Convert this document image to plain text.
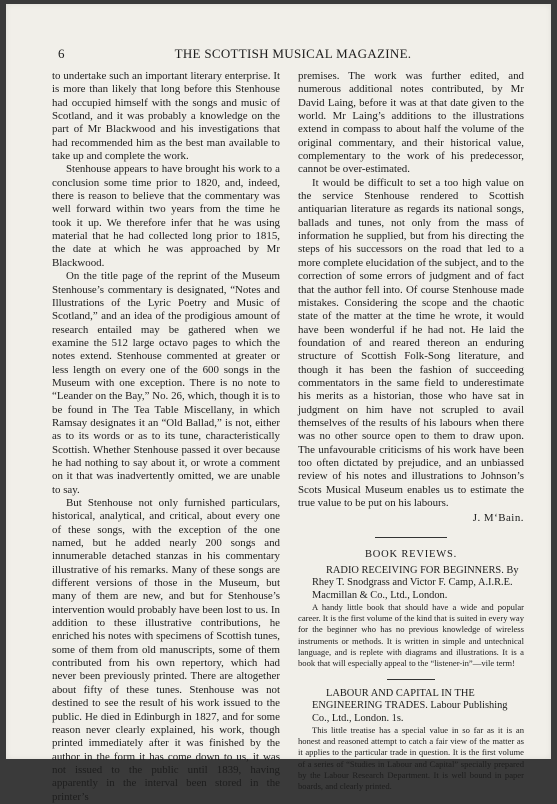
6	THE SCOTTISH MUSICAL MAGAZINE.

to undertake such an important literary enterprise. It is more than likely that long before this Stenhouse had occupied himself with the songs and music of Scotland, and it was probably a knowledge on the part of Mr Blackwood and his investigations that had recommended him as the best man available to take up and complete the work.

Stenhouse appears to have brought his work to a conclusion some time prior to 1820, and, indeed, there is reason to believe that the commentary was well forward within two years from the time he took it up. We therefore infer that he was using material that he had collected long prior to 1815, the date at which he was approached by Mr Blackwood.

On the title page of the reprint of the Museum Stenhouse’s commentary is designated, “Notes and Illustrations of the Lyric Poetry and Music of Scotland,” and an idea of the prodigious amount of research entailed may be gathered when we examine the 512 large octavo pages to which the notes extend. Stenhouse commented at greater or less length on every one of the 600 songs in the Museum with one exception. There is no note to “Leander on the Bay,” No. 26, which, though it is to be found in The Tea Table Miscellany, in which Ramsay designates it an “Old Ballad,” is not, either as to its words or as to its tune, characteristically Scottish. Whether Stenhouse passed it over because he had nothing to say about it, or wrote a comment on it that was inadvertently omitted, we are unable to say.

But Stenhouse not only furnished particulars, historical, analytical, and critical, about every one of these songs, with the exception of the one named, but he added nearly 200 songs and innumerable detached stanzas in his commentary illustrative of his remarks. Many of these songs are different versions of those in the Museum, but many of them are new, and but for Stenhouse’s intervention would probably have been lost to us. In addition to these illustrative contributions, he enriched his notes with specimens of Scottish tunes, some of them from old manuscripts, some of them contributed from his own repertory, which had never been previously printed. There are altogether about fifty of these tunes. Stenhouse was not destined to see the result of his work issued to the public. He died in Edinburgh in 1827, and for some reason never clearly explained, his work, though printed immediately after it was finished by the author in the form it has come down to us, it was not issued to the public until 1839, having apparently in the interval been stored in the printer’s

premises. The work was further edited, and numerous additional notes contributed, by Mr David Laing, before it was at that date given to the world. Mr Laing’s additions to the illustrations extend in compass to about half the volume of the original commentary, and their historical value, complementary to the work of his predecessor, cannot be over-estimated.

It would be difficult to set a too high value on the service Stenhouse rendered to Scottish antiquarian literature as regards its national songs, ballads and tunes, not only from the mass of information he supplied, but from his directing the steps of his successors on the road that led to a more complete elucidation of the subject, and to the correction of some errors of judgment and of fact that the author fell into. Of course Stenhouse made mistakes. Considering the scope and the chaotic state of the matter at the time he wrote, it would have been wonderful if he had not. He laid the foundation of and reared thereon an enduring structure of Scottish Folk-Song literature, and though it has been the fashion of succeeding commentators in the same field to underestimate his merits as a historian, those who have sat in judgment on him have not scrupled to avail themselves of the results of his labours when there was no other source open to them to draw upon. The unfavourable criticisms of his work have been too often dictated by prejudice, and an unbiassed review of his notes and illustrations to Johnson’s Scots Musical Museum enables us to estimate the true value to be put on his labours.

J. M‘Bain.
BOOK REVIEWS.

RADIO RECEIVING FOR BEGINNERS. By Rhey T. Snodgrass and Victor F. Camp, A.I.R.E. Macmillan & Co., Ltd., London.

A handy little book that should have a wide and popular career. It is the first volume of the kind that is suited in every way for the beginner who has no previous knowledge of wireless instruments or methods. It is written in simple and untechnical language, and is replete with diagrams and illustrations. It is a book that will especially appeal to the “listener-in”—vile term!

LABOUR AND CAPITAL IN THE ENGINEERING TRADES. Labour Publishing Co., Ltd., London. 1s.

This little treatise has a special value in so far as it is an honest and reasoned attempt to catch a fair view of the matter as it applies to the particular trade in question. It is the first volume of a series of “Studies in Labour and Capital” specially prepared by the Labour Research Department. It is well bound in paper boards, and clearly printed.
